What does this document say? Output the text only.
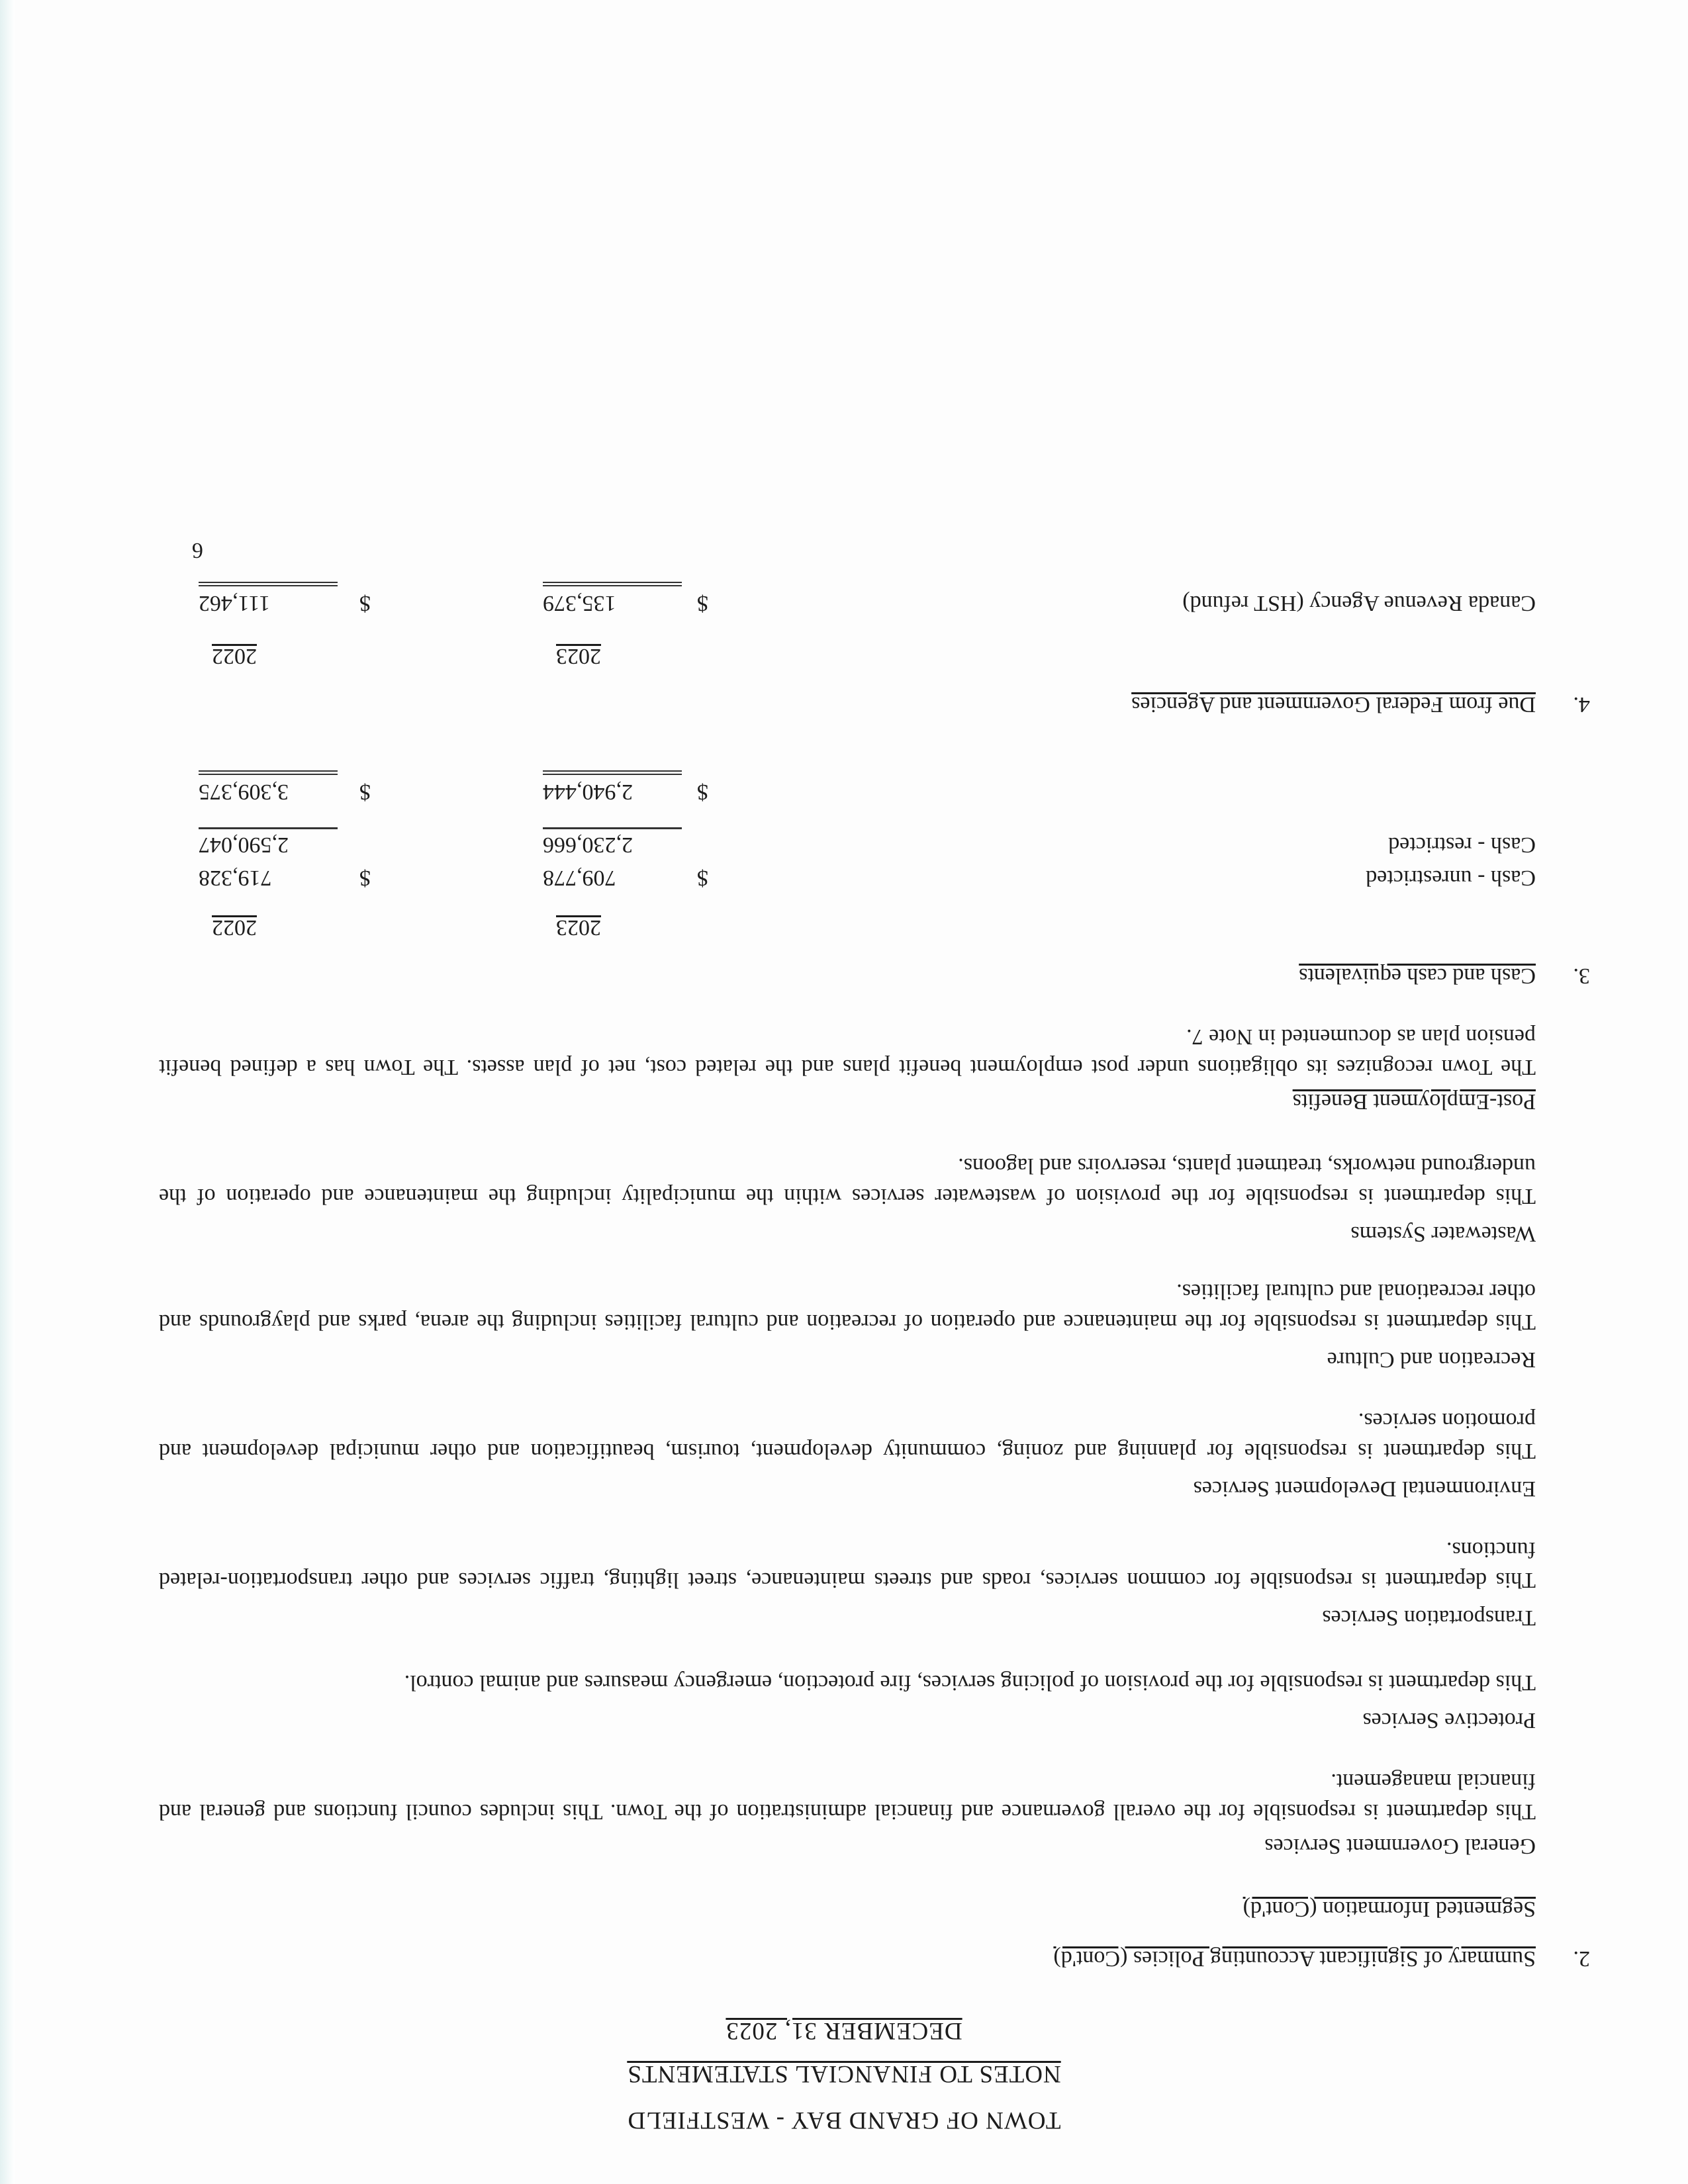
TOWN OF GRAND BAY - WESTFIELD
NOTES TO FINANCIAL STATEMENTS
DECEMBER 31, 2023
2.
Summary of Significant Accounting Policies (Cont'd)
Segmented Information (Cont'd)
General Government Services
This department is responsible for the overall governance and financial administration of the Town. This includes council functions and general and financial management.
Protective Services
This department is responsible for the provision of policing services, fire protection, emergency measures and animal control.
Transportation Services
This department is responsible for common services, roads and streets maintenance, street lighting, traffic services and other transportation-related functions.
Environmental Development Services
This department is responsible for planning and zoning, community development, tourism, beautification and other municipal development and promotion services.
Recreation and Culture
This department is responsible for the maintenance and operation of recreation and cultural facilities including the arena, parks and playgrounds and other recreational and cultural facilities.
Wastewater Systems
This department is responsible for the provision of wastewater services within the municipality including the maintenance and operation of the underground networks, treatment plants, reservoirs and lagoons.
Post-Employment Benefits
The Town recognizes its obligations under post employment benefit plans and the related cost, net of plan assets. The Town has a defined benefit pension plan as documented in Note 7.
3.
Cash and cash equivalents
2023
2022
Cash - unrestricted
$
709,778
$
719,328
Cash - restricted
2,230,666
2,590,047
$
2,940,444
$
3,309,375
4.
Due from Federal Government and Agencies
2023
2022
Canada Revenue Agency (HST refund)
$
135,379
$
111,462
6
